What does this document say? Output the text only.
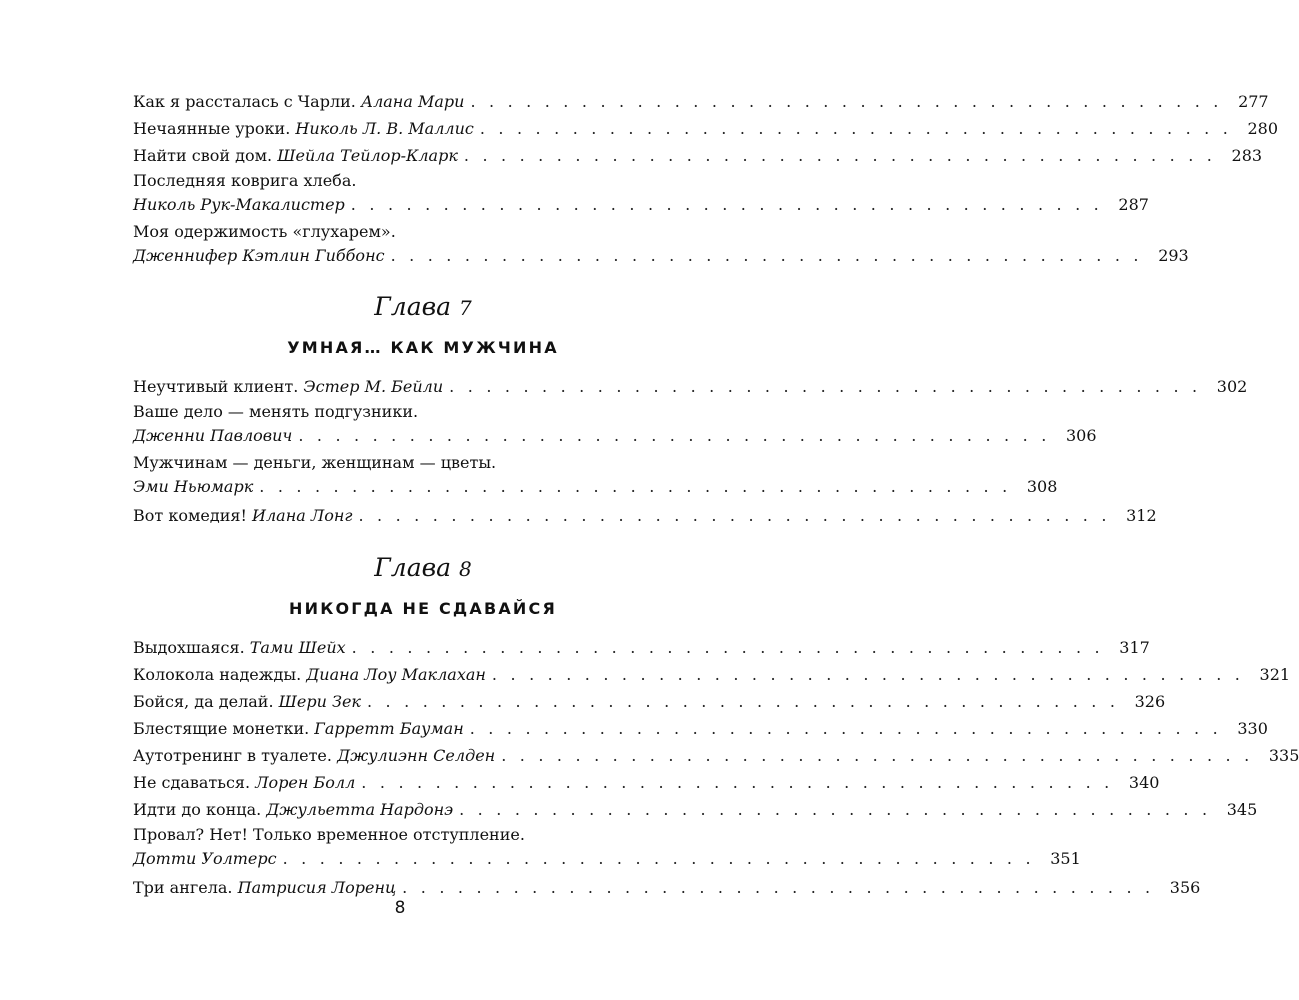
Как я рассталась с Чарли. Алана Мари . . . . . . . . . . . . . . . . . . . . . . . . . . . . . . . . . . . . . . . . . 277
Нечаянные уроки. Николь Л. В. Маллис . . . . . . . . . . . . . . . . . . . . . . . . . . . . . . . . . . . . . . . . . 280
Найти свой дом. Шейла Тейлор-Кларк . . . . . . . . . . . . . . . . . . . . . . . . . . . . . . . . . . . . . . . . . 283
Последняя коврига хлеба.
Николь Рук-Макалистер . . . . . . . . . . . . . . . . . . . . . . . . . . . . . . . . . . . . . . . . . 287
Моя одержимость «глухарем».
Дженнифер Кэтлин Гиббонс . . . . . . . . . . . . . . . . . . . . . . . . . . . . . . . . . . . . . . . . . 293
Глава 7
УМНАЯ… КАК МУЖЧИНА
Неучтивый клиент. Эстер М. Бейли . . . . . . . . . . . . . . . . . . . . . . . . . . . . . . . . . . . . . . . . . 302
Ваше дело — менять подгузники.
Дженни Павлович . . . . . . . . . . . . . . . . . . . . . . . . . . . . . . . . . . . . . . . . . 306
Мужчинам — деньги, женщинам — цветы.
Эми Ньюмарк . . . . . . . . . . . . . . . . . . . . . . . . . . . . . . . . . . . . . . . . . 308
Вот комедия! Илана Лонг . . . . . . . . . . . . . . . . . . . . . . . . . . . . . . . . . . . . . . . . . 312
Глава 8
НИКОГДА НЕ СДАВАЙСЯ
Выдохшаяся. Тами Шейх . . . . . . . . . . . . . . . . . . . . . . . . . . . . . . . . . . . . . . . . . 317
Колокола надежды. Диана Лоу Маклахан . . . . . . . . . . . . . . . . . . . . . . . . . . . . . . . . . . . . . . . . . 321
Бойся, да делай. Шери Зек . . . . . . . . . . . . . . . . . . . . . . . . . . . . . . . . . . . . . . . . . 326
Блестящие монетки. Гарретт Бауман . . . . . . . . . . . . . . . . . . . . . . . . . . . . . . . . . . . . . . . . . 330
Аутотренинг в туалете. Джулиэнн Селден . . . . . . . . . . . . . . . . . . . . . . . . . . . . . . . . . . . . . . . . . 335
Не сдаваться. Лорен Болл . . . . . . . . . . . . . . . . . . . . . . . . . . . . . . . . . . . . . . . . . 340
Идти до конца. Джульетта Нардонэ . . . . . . . . . . . . . . . . . . . . . . . . . . . . . . . . . . . . . . . . . 345
Провал? Нет! Только временное отступление.
Дотти Уолтерс . . . . . . . . . . . . . . . . . . . . . . . . . . . . . . . . . . . . . . . . . 351
Три ангела. Патрисия Лоренц . . . . . . . . . . . . . . . . . . . . . . . . . . . . . . . . . . . . . . . . . 356
8
